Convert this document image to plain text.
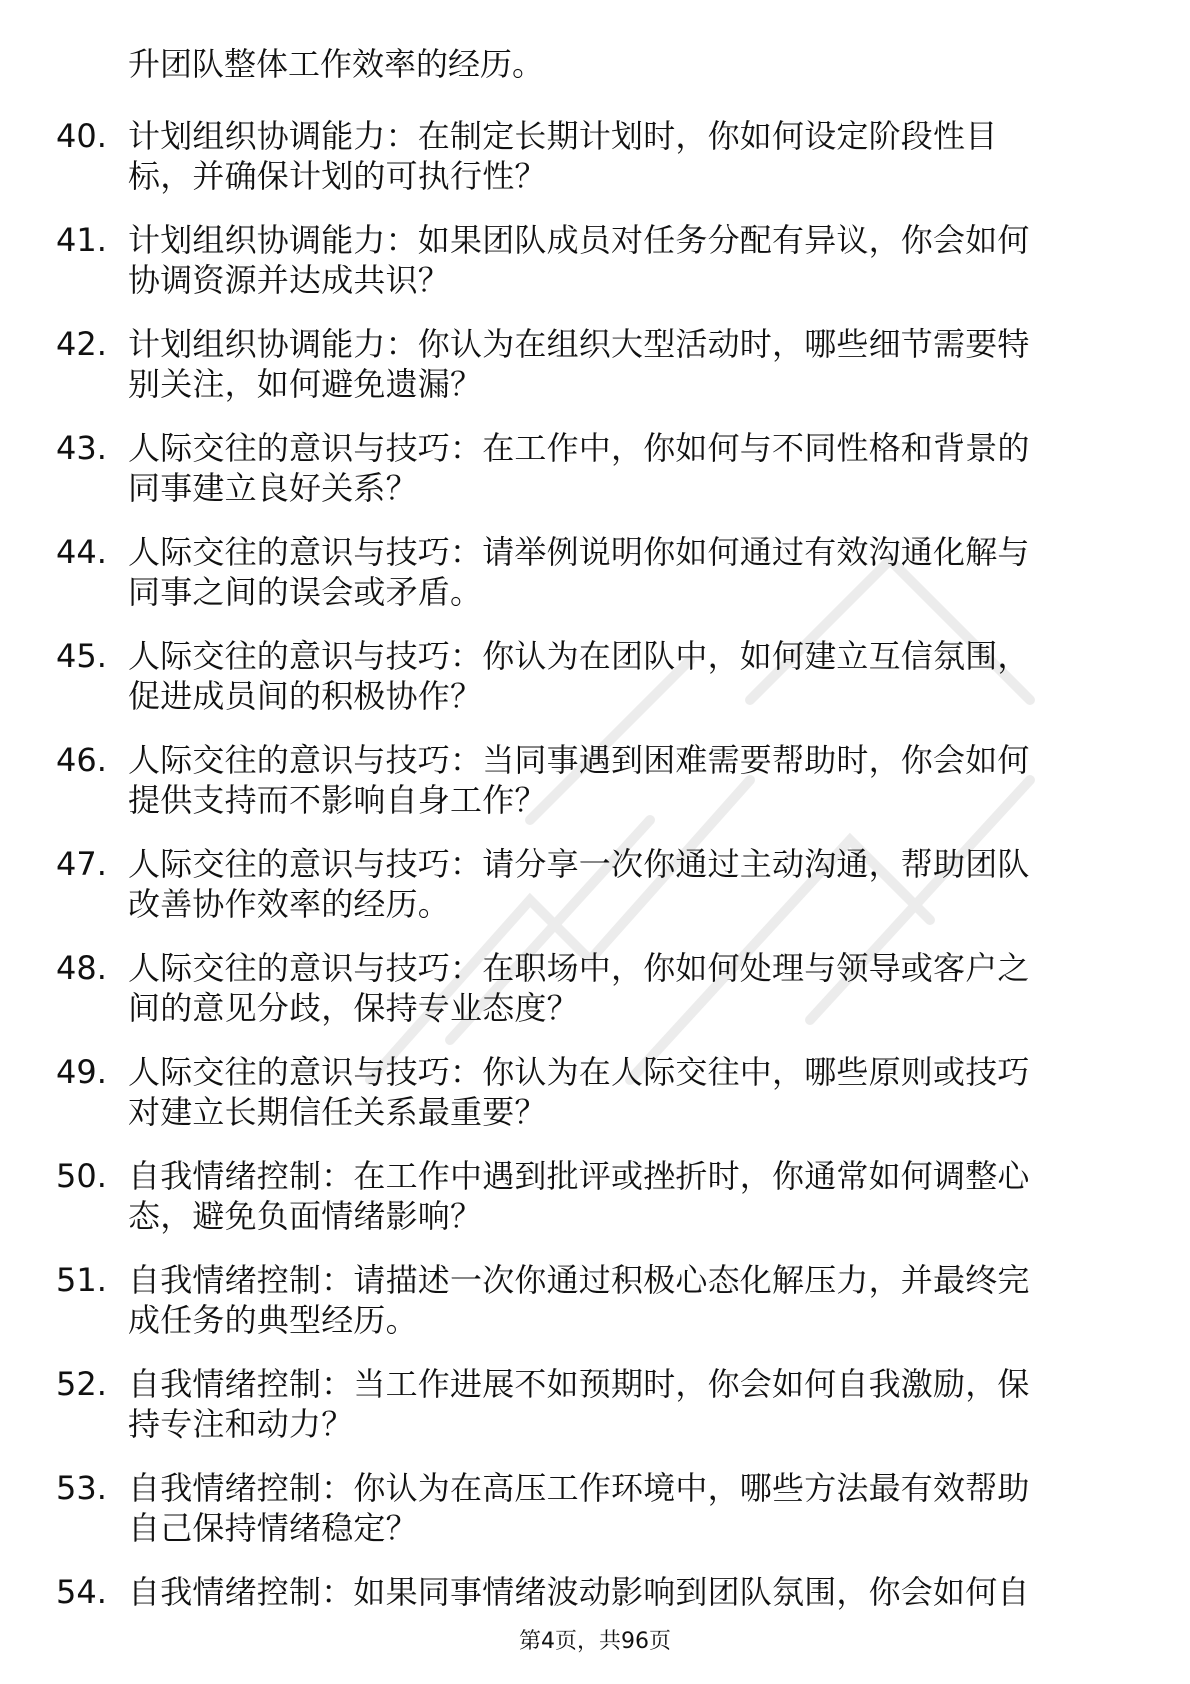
升团队整体工作效率的经历。
40. 计划组织协调能力：在制定长期计划时，你如何设定阶段性目
标，并确保计划的可执行性？
41. 计划组织协调能力：如果团队成员对任务分配有异议，你会如何
协调资源并达成共识？
42. 计划组织协调能力：你认为在组织大型活动时，哪些细节需要特
别关注，如何避免遗漏？
43. 人际交往的意识与技巧：在工作中，你如何与不同性格和背景的
同事建立良好关系？
44. 人际交往的意识与技巧：请举例说明你如何通过有效沟通化解与
同事之间的误会或矛盾。
45. 人际交往的意识与技巧：你认为在团队中，如何建立互信氛围，
促进成员间的积极协作？
46. 人际交往的意识与技巧：当同事遇到困难需要帮助时，你会如何
提供支持而不影响自身工作？
47. 人际交往的意识与技巧：请分享一次你通过主动沟通，帮助团队
改善协作效率的经历。
48. 人际交往的意识与技巧：在职场中，你如何处理与领导或客户之
间的意见分歧，保持专业态度？
49. 人际交往的意识与技巧：你认为在人际交往中，哪些原则或技巧
对建立长期信任关系最重要？
50. 自我情绪控制：在工作中遇到批评或挫折时，你通常如何调整心
态，避免负面情绪影响？
51. 自我情绪控制：请描述一次你通过积极心态化解压力，并最终完
成任务的典型经历。
52. 自我情绪控制：当工作进展不如预期时，你会如何自我激励，保
持专注和动力？
53. 自我情绪控制：你认为在高压工作环境中，哪些方法最有效帮助
自己保持情绪稳定？
54. 自我情绪控制：如果同事情绪波动影响到团队氛围，你会如何自
第4页，共96页
